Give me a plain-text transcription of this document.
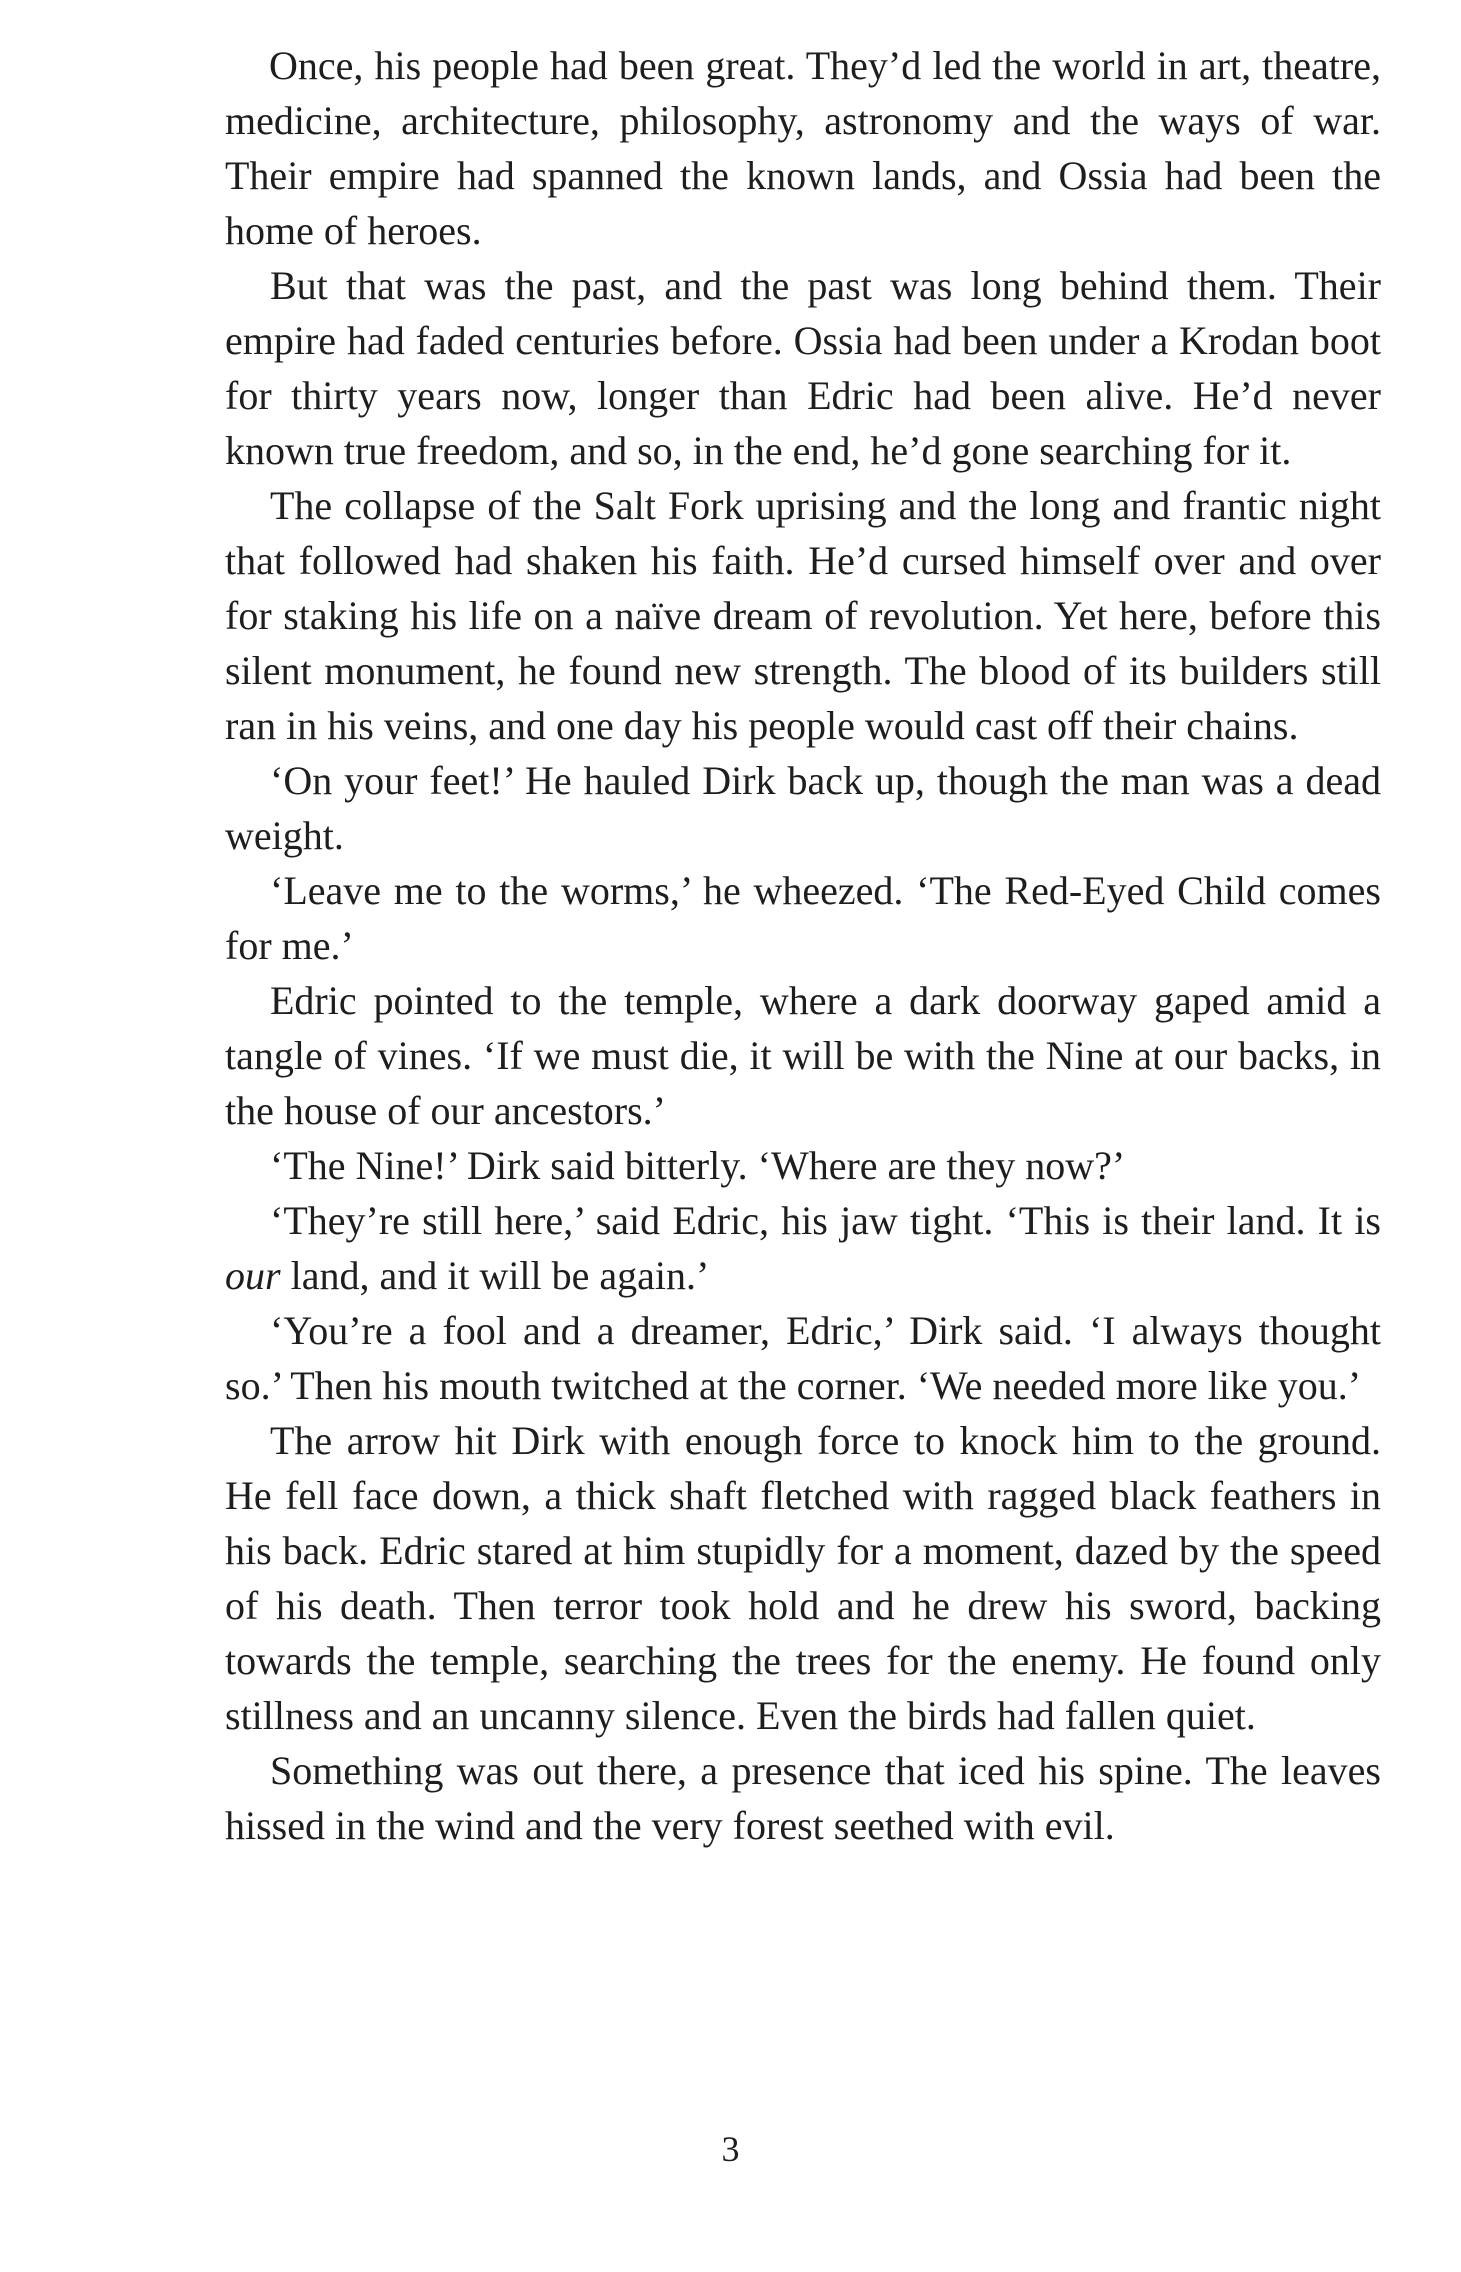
Once, his people had been great. They’d led the world in art, theatre, medicine, architecture, philosophy, astronomy and the ways of war. Their empire had spanned the known lands, and Ossia had been the home of heroes.

But that was the past, and the past was long behind them. Their empire had faded centuries before. Ossia had been under a Krodan boot for thirty years now, longer than Edric had been alive. He’d never known true freedom, and so, in the end, he’d gone searching for it.

The collapse of the Salt Fork uprising and the long and frantic night that followed had shaken his faith. He’d cursed himself over and over for staking his life on a naïve dream of revolution. Yet here, before this silent monument, he found new strength. The blood of its builders still ran in his veins, and one day his people would cast off their chains.

‘On your feet!’ He hauled Dirk back up, though the man was a dead weight.

‘Leave me to the worms,’ he wheezed. ‘The Red-Eyed Child comes for me.’

Edric pointed to the temple, where a dark doorway gaped amid a tangle of vines. ‘If we must die, it will be with the Nine at our backs, in the house of our ancestors.’

‘The Nine!’ Dirk said bitterly. ‘Where are they now?’

‘They’re still here,’ said Edric, his jaw tight. ‘This is their land. It is our land, and it will be again.’

‘You’re a fool and a dreamer, Edric,’ Dirk said. ‘I always thought so.’ Then his mouth twitched at the corner. ‘We needed more like you.’

The arrow hit Dirk with enough force to knock him to the ground. He fell face down, a thick shaft fletched with ragged black feathers in his back. Edric stared at him stupidly for a moment, dazed by the speed of his death. Then terror took hold and he drew his sword, backing towards the temple, searching the trees for the enemy. He found only stillness and an uncanny silence. Even the birds had fallen quiet.

Something was out there, a presence that iced his spine. The leaves hissed in the wind and the very forest seethed with evil.

3
